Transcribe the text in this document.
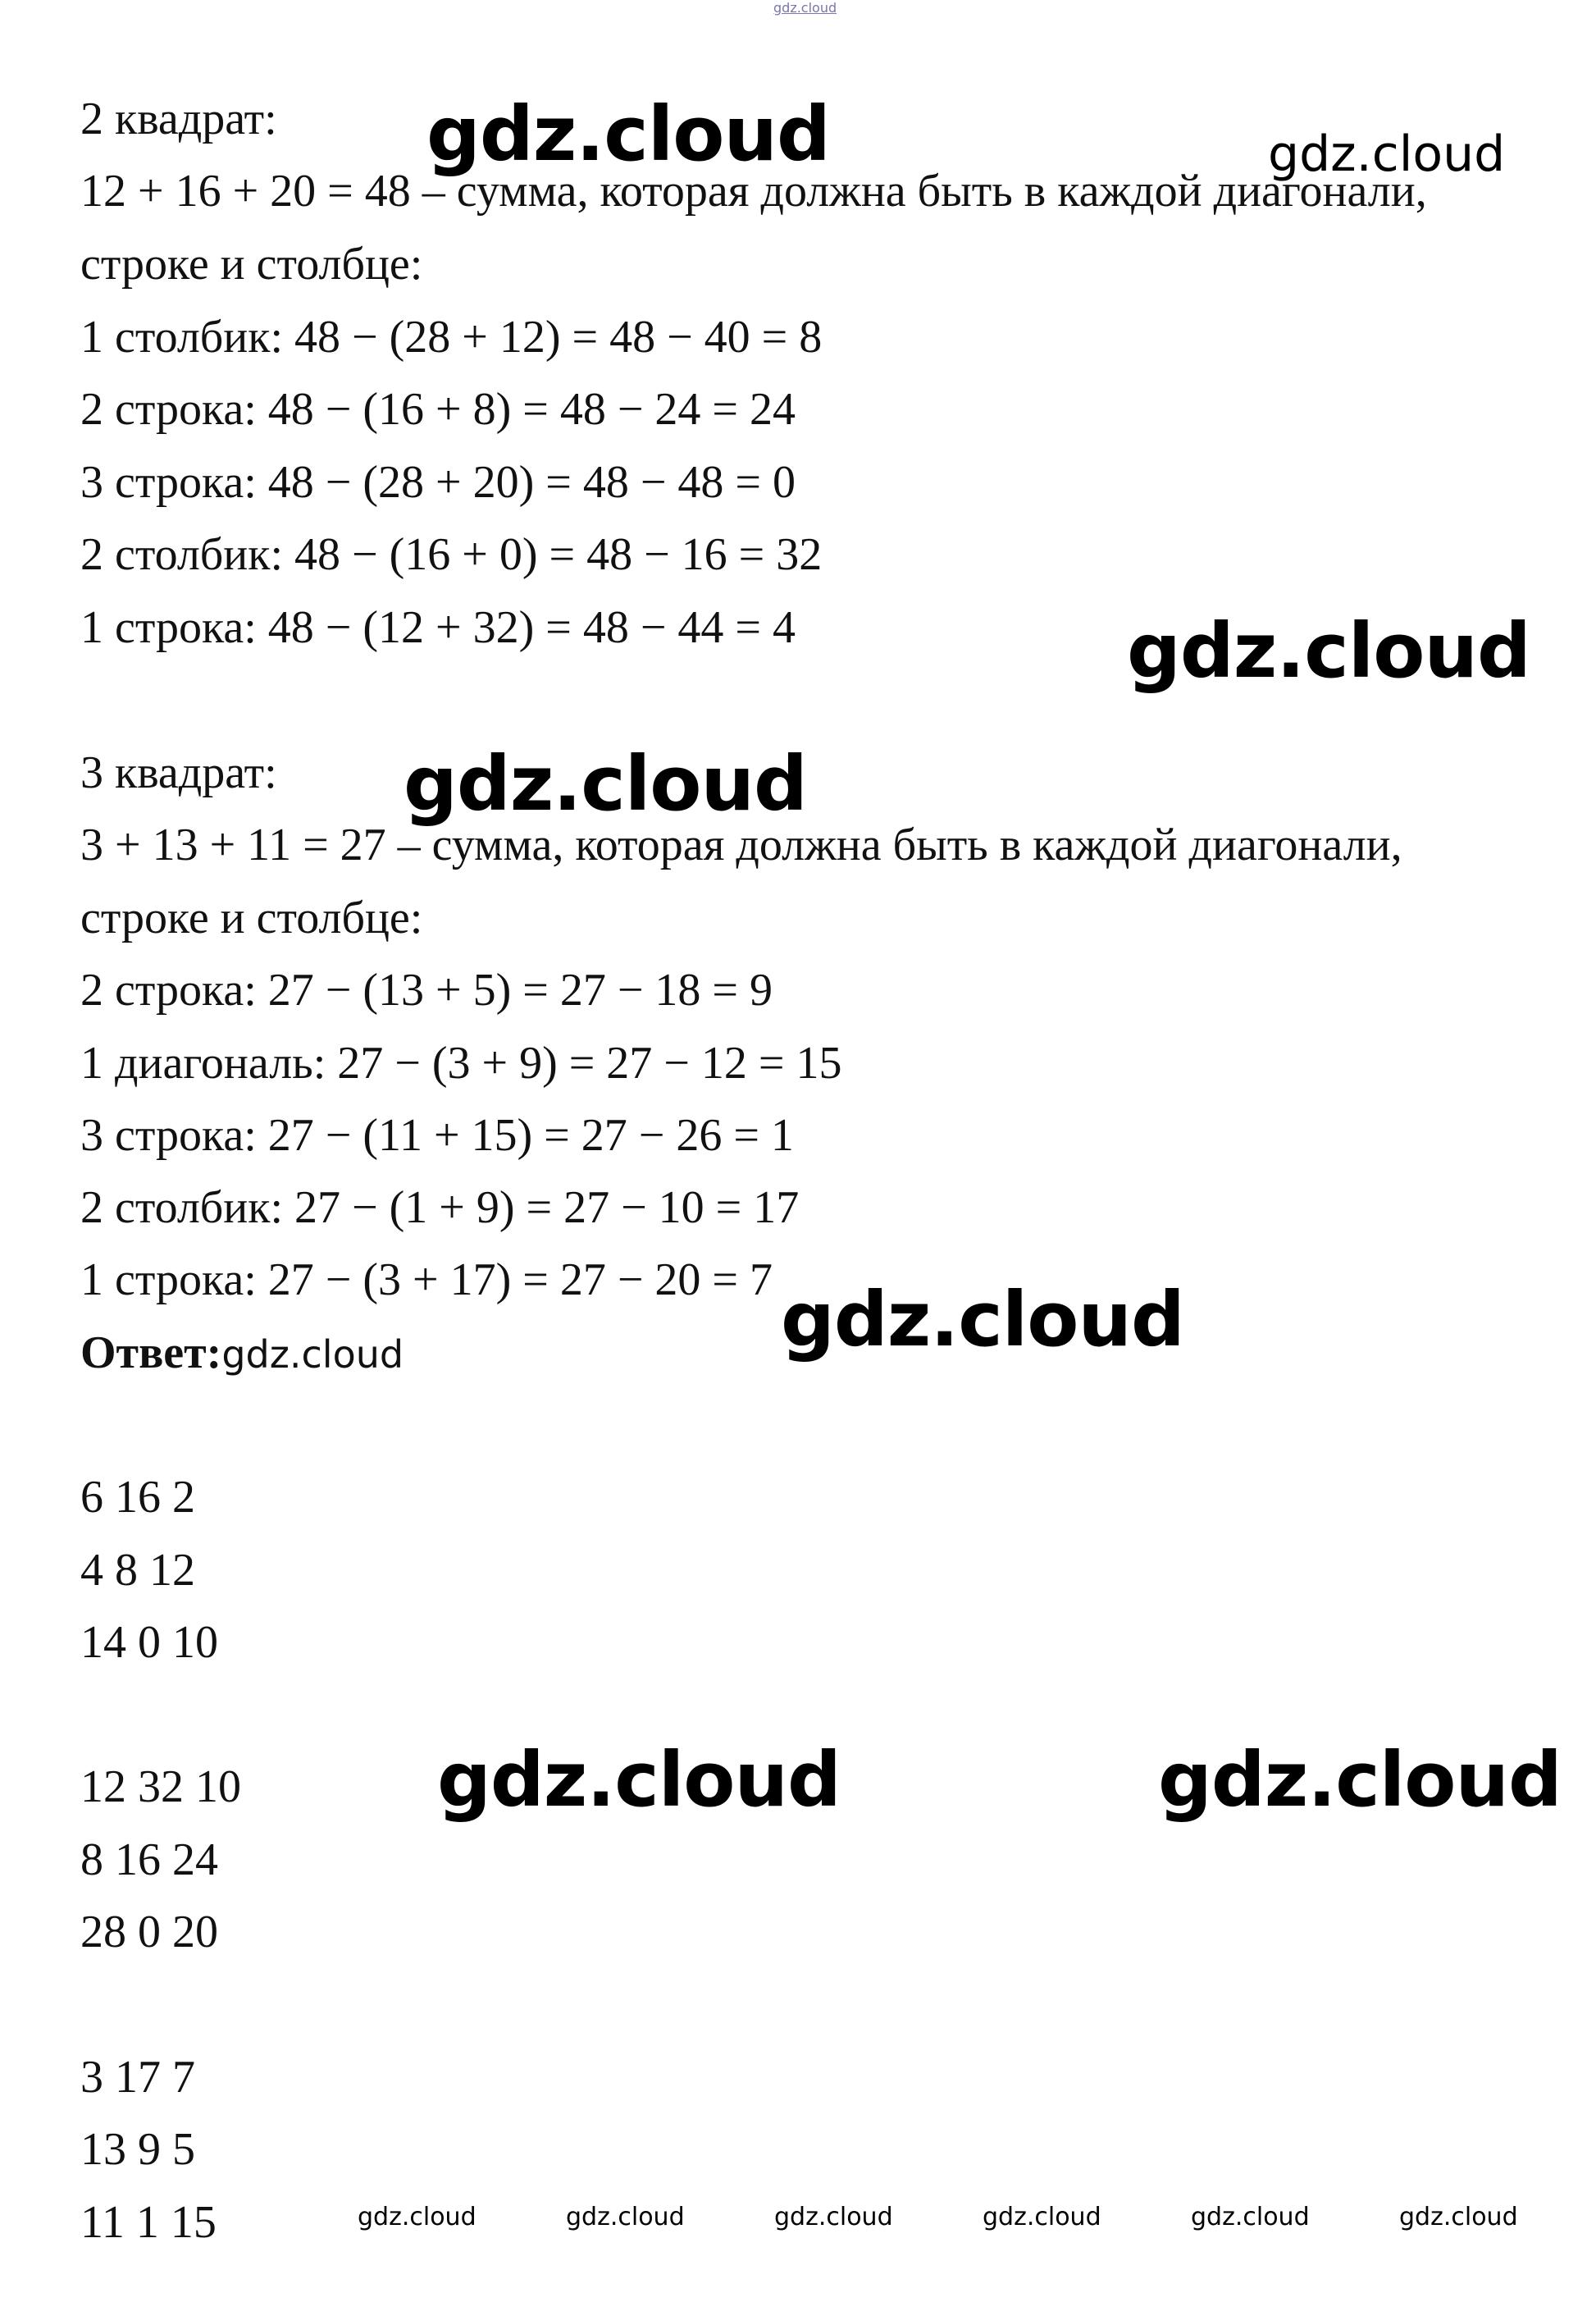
gdz.cloud
2 квадрат:
12 + 16 + 20 = 48 – сумма, которая должна быть в каждой диагонали,
строке и столбце:
1 столбик: 48 − (28 + 12) = 48 − 40 = 8
2 строка: 48 − (16 + 8) = 48 − 24 = 24
3 строка: 48 − (28 + 20) = 48 − 48 = 0
2 столбик: 48 − (16 + 0) = 48 − 16 = 32
1 строка: 48 − (12 + 32) = 48 − 44 = 4
3 квадрат:
3 + 13 + 11 = 27 – сумма, которая должна быть в каждой диагонали,
строке и столбце:
2 строка: 27 − (13 + 5) = 27 − 18 = 9
1 диагональ: 27 − (3 + 9) = 27 − 12 = 15
3 строка: 27 − (11 + 15) = 27 − 26 = 1
2 столбик: 27 − (1 + 9) = 27 − 10 = 17
1 строка: 27 − (3 + 17) = 27 − 20 = 7
Ответ:gdz.cloud
6 16 2
4 8 12
14 0 10
12 32 10
8 16 24
28 0 20
3 17 7
13 9 5
11 1 15
gdz.cloud	gdz.cloud
gdz.cloud
gdz.cloud
gdz.cloud
gdz.cloud	gdz.cloud
gdz.cloud	gdz.cloud	gdz.cloud	gdz.cloud	gdz.cloud	gdz.cloud
